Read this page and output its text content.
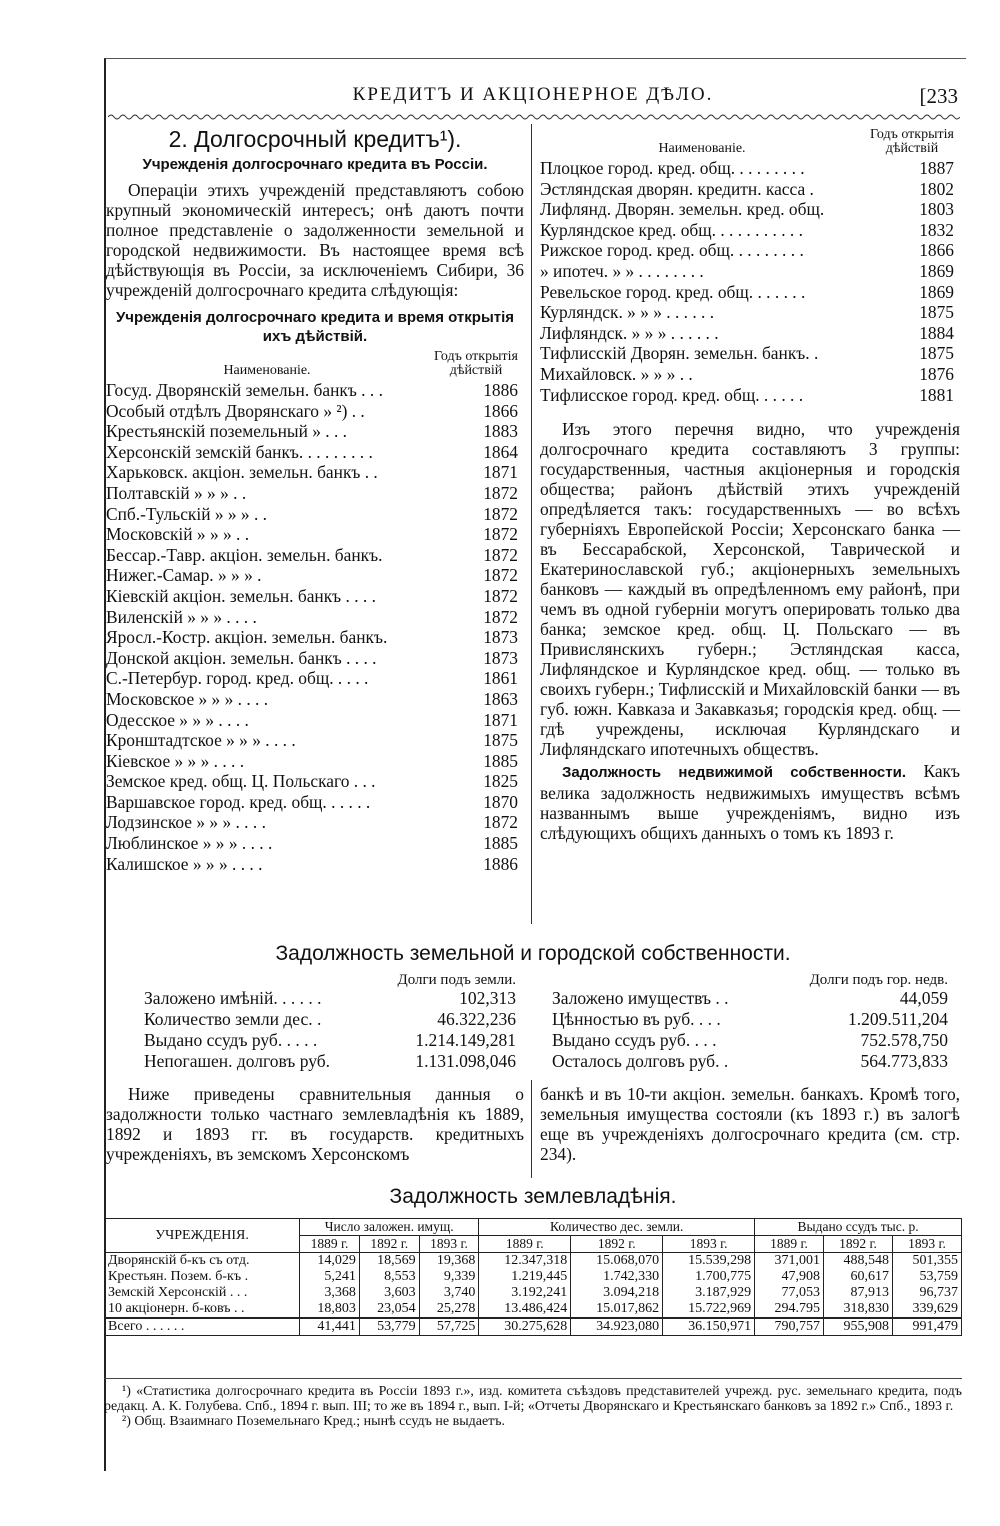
КРЕДИТЪ И АКЦІОНЕРНОЕ ДѢЛО.	[233
2. Долгосрочный кредитъ¹).
Учрежденія долгосрочнаго кредита въ Россіи.

Операціи этихъ учрежденій представляютъ собою крупный экономическій интересъ; онѣ даютъ почти полное представленіе о задолженности земельной и городской недвижимости. Въ настоящее время всѣ дѣйствующія въ Россіи, за исключеніемъ Сибири, 36 учрежденій долгосрочнаго кредита слѣдующія:

Учрежденія долгосрочнаго кредита и время открытія ихъ дѣйствій.
Наименованіе.
Годъ открытія дѣйствій
Госуд. Дворянскій земельн. банкъ . . .	1886
Особый отдѣлъ Дворянскаго » ²) . .	1866
Крестьянскій поземельный » . . .	1883
Херсонскій земскій банкъ. . . . . . . . .	1864
Харьковск. акціон. земельн. банкъ . .	1871
Полтавскій » » » . .	1872
Спб.-Тульскій » » » . .	1872
Московскій » » » . .	1872
Бессар.-Тавр. акціон. земельн. банкъ.	1872
Нижег.-Самар. » » » .	1872
Кіевскій акціон. земельн. банкъ . . . .	1872
Виленскій » » » . . . .	1872
Яросл.-Костр. акціон. земельн. банкъ.	1873
Донской акціон. земельн. банкъ . . . .	1873
С.-Петербур. город. кред. общ. . . . .	1861
Московское » » » . . . .	1863
Одесское » » » . . . .	1871
Кронштадтское » » » . . . .	1875
Кіевское » » » . . . .	1885
Земское кред. общ. Ц. Польскаго . . .	1825
Варшавское город. кред. общ. . . . . .	1870
Лодзинское » » » . . . .	1872
Люблинское » » » . . . .	1885
Калишское » » » . . . .	1886
Наименованіе.
Годъ открытія дѣйствій
Плоцкое город. кред. общ. . . . . . . . .	1887
Эстляндская дворян. кредитн. касса .	1802
Лифлянд. Дворян. земельн. кред. общ.	1803
Курляндское кред. общ. . . . . . . . . . .	1832
Рижское город. кред. общ. . . . . . . . .	1866
» ипотеч. » » . . . . . . . .	1869
Ревельское город. кред. общ. . . . . . .	1869
Курляндск. » » » . . . . . .	1875
Лифляндск. » » » . . . . . .	1884
Тифлисскій Дворян. земельн. банкъ. .	1875
Михайловск. » » » . .	1876
Тифлисское город. кред. общ. . . . . .	1881

Изъ этого перечня видно, что учрежденія долгосрочнаго кредита составляютъ 3 группы: государственныя, частныя акціонерныя и городскія общества; районъ дѣйствій этихъ учрежденій опредѣляется такъ: государственныхъ — во всѣхъ губерніяхъ Европейской Россіи; Херсонскаго банка — въ Бессарабской, Херсонской, Таврической и Екатеринославской губ.; акціонерныхъ земельныхъ банковъ — каждый въ опредѣленномъ ему районѣ, при чемъ въ одной губерніи могутъ оперировать только два банка; земское кред. общ. Ц. Польскаго — въ Привислянскихъ губерн.; Эстляндская касса, Лифляндское и Курляндское кред. общ. — только въ своихъ губерн.; Тифлисскій и Михайловскій банки — въ губ. южн. Кавказа и Закавказья; городскія кред. общ. — гдѣ учреждены, исключая Курляндскаго и Лифляндскаго ипотечныхъ обществъ.

Задолжность недвижимой собственности. Какъ велика задолжность недвижимыхъ имуществъ всѣмъ названнымъ выше учрежденіямъ, видно изъ слѣдующихъ общихъ данныхъ о томъ къ 1893 г.

Задолжность земельной и городской собственности.
Долги подъ земли.
Заложено имѣній. . . . . .	102,313
Количество земли дес. .	46.322,236
Выдано ссудъ руб. . . . .	1.214.149,281
Непогашен. долговъ руб.	1.131.098,046
Долги подъ гор. недв.
Заложено имуществъ . .	44,059
Цѣнностью въ руб. . . .	1.209.511,204
Выдано ссудъ руб. . . .	752.578,750
Осталось долговъ руб. .	564.773,833

Ниже приведены сравнительныя данныя о задолжности только частнаго землевладѣнія къ 1889, 1892 и 1893 гг. въ государств. кредитныхъ учрежденіяхъ, въ земскомъ Херсонскомъ

банкѣ и въ 10-ти акціон. земельн. банкахъ. Кромѣ того, земельныя имущества состояли (къ 1893 г.) въ залогѣ еще въ учрежденіяхъ долгосрочнаго кредита (см. стр. 234).

Задолжность землевладѣнія.
УЧРЕЖДЕНІЯ.	Число заложен. имущ.			Количество дес. земли.			Выдано ссудъ тыс. р.		
	1889 г.	1892 г.	1893 г.	1889 г.	1892 г.	1893 г.	1889 г.	1892 г.	1893 г.
Дворянскій б-къ съ отд.	14,029	18,569	19,368	12.347,318	15.068,070	15.539,298	371,001	488,548	501,355
Крестьян. Позем. б-къ .	5,241	8,553	9,339	1.219,445	1.742,330	1.700,775	47,908	60,617	53,759
Земскій Херсонскій . . .	3,368	3,603	3,740	3.192,241	3.094,218	3.187,929	77,053	87,913	96,737
10 акціонерн. б-ковъ . .	18,803	23,054	25,278	13.486,424	15.017,862	15.722,969	294.795	318,830	339,629
Всего . . . . . .	41,441	53,779	57,725	30.275,628	34.923,080	36.150,971	790,757	955,908	991,479

¹) «Статистика долгосрочнаго кредита въ Россіи 1893 г.», изд. комитета съѣздовъ представителей учрежд. рус. земельнаго кредита, подъ редакц. А. К. Голубева. Спб., 1894 г. вып. III; то же въ 1894 г., вып. I-й; «Отчеты Дворянскаго и Крестьянскаго банковъ за 1892 г.» Спб., 1893 г.

²) Общ. Взаимнаго Поземельнаго Кред.; нынѣ ссудъ не выдаетъ.
